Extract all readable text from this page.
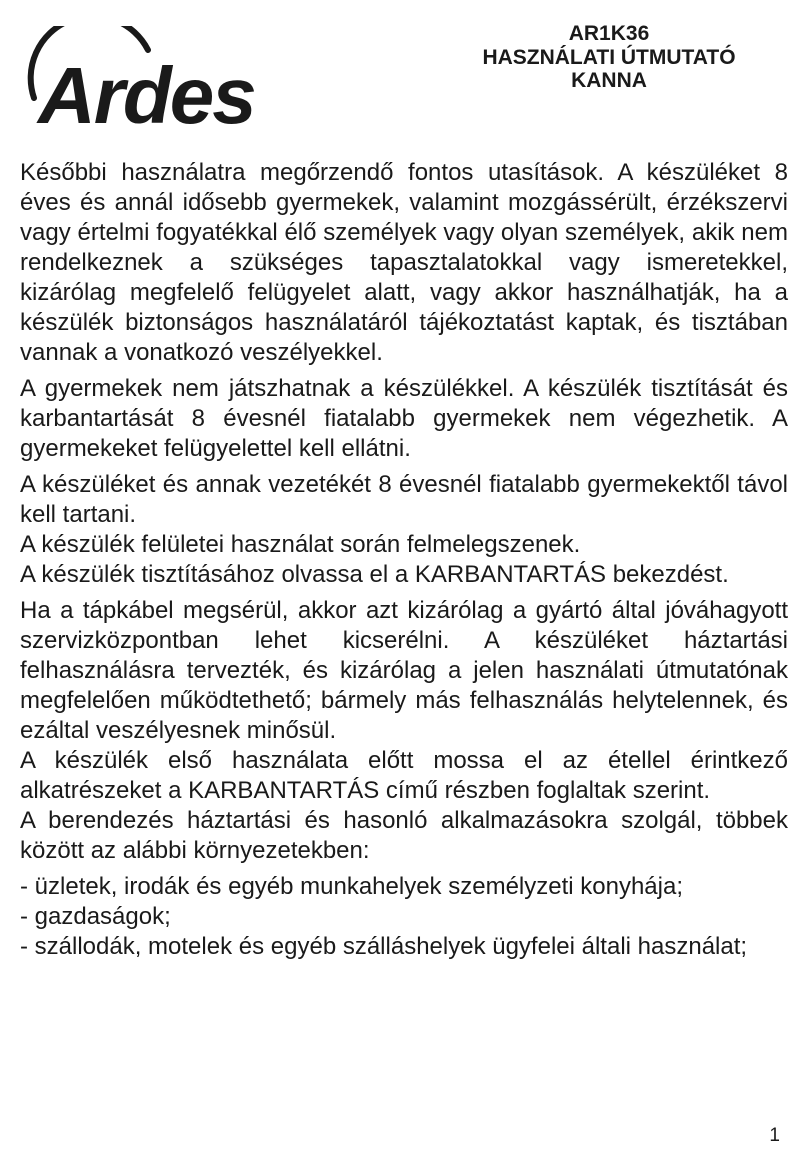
Ardes
AR1K36
HASZNÁLATI ÚTMUTATÓ
KANNA

Későbbi használatra megőrzendő fontos utasítások. A készüléket 8 éves és annál idősebb gyermekek, valamint mozgássérült, érzékszervi vagy értelmi fogyatékkal élő személyek vagy olyan személyek, akik nem rendelkeznek a szükséges tapasztalatokkal vagy ismeretekkel, kizárólag megfelelő felügyelet alatt, vagy akkor használhatják, ha a készülék biztonságos használatáról tájékoztatást kaptak, és tisztában vannak a vonatkozó veszélyekkel.

A gyermekek nem játszhatnak a készülékkel. A készülék tisztítását és karbantartását 8 évesnél fiatalabb gyermekek nem végezhetik. A gyermekeket felügyelettel kell ellátni.

A készüléket és annak vezetékét 8 évesnél fiatalabb gyermekektől távol kell tartani.

A készülék felületei használat során felmelegszenek.

A készülék tisztításához olvassa el a KARBANTARTÁS bekezdést.

Ha a tápkábel megsérül, akkor azt kizárólag a gyártó által jóváhagyott szervizközpontban lehet kicserélni. A készüléket háztartási felhasználásra tervezték, és kizárólag a jelen használati útmutatónak megfelelően működtethető; bármely más felhasználás helytelennek, és ezáltal veszélyesnek minősül.

A készülék első használata előtt mossa el az étellel érintkező alkatrészeket a KARBANTARTÁS című részben foglaltak szerint.

A berendezés háztartási és hasonló alkalmazásokra szolgál, többek között az alábbi környezetekben:

- üzletek, irodák és egyéb munkahelyek személyzeti konyhája;

- gazdaságok;

- szállodák, motelek és egyéb szálláshelyek ügyfelei általi használat;

1
